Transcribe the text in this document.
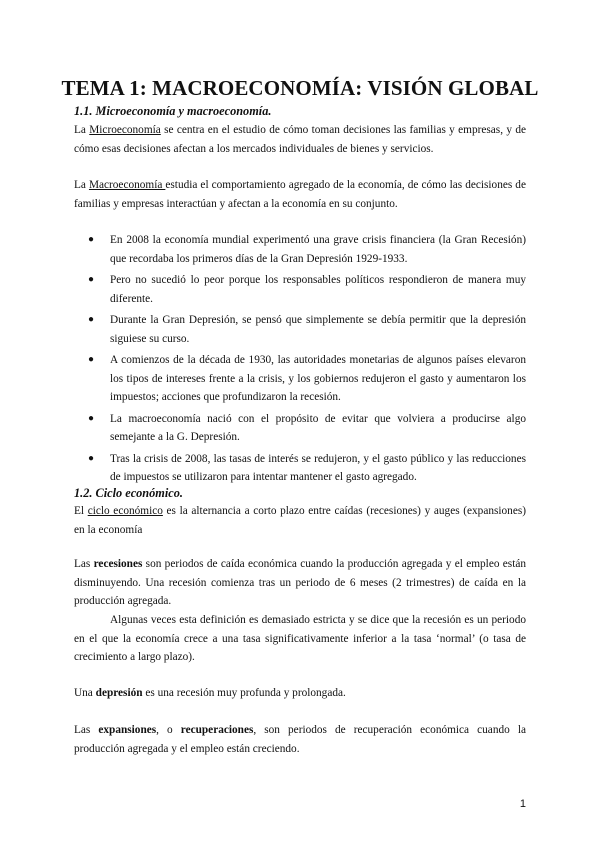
TEMA 1: MACROECONOMÍA: VISIÓN GLOBAL
1.1. Microeconomía y macroeconomía.
La Microeconomía se centra en el estudio de cómo toman decisiones las familias y empresas, y de cómo esas decisiones afectan a los mercados individuales de bienes y servicios.
La Macroeconomía estudia el comportamiento agregado de la economía, de cómo las decisiones de familias y empresas interactúan y afectan a la economía en su conjunto.
● En 2008 la economía mundial experimentó una grave crisis financiera (la Gran Recesión) que recordaba los primeros días de la Gran Depresión 1929-1933.
● Pero no sucedió lo peor porque los responsables políticos respondieron de manera muy diferente.
● Durante la Gran Depresión, se pensó que simplemente se debía permitir que la depresión siguiese su curso.
● A comienzos de la década de 1930, las autoridades monetarias de algunos países elevaron los tipos de intereses frente a la crisis, y los gobiernos redujeron el gasto y aumentaron los impuestos; acciones que profundizaron la recesión.
● La macroeconomía nació con el propósito de evitar que volviera a producirse algo semejante a la G. Depresión.
● Tras la crisis de 2008, las tasas de interés se redujeron, y el gasto público y las reducciones de impuestos se utilizaron para intentar mantener el gasto agregado.
1.2. Ciclo económico.
El ciclo económico es la alternancia a corto plazo entre caídas (recesiones) y auges (expansiones) en la economía
Las recesiones son periodos de caída económica cuando la producción agregada y el empleo están disminuyendo. Una recesión comienza tras un periodo de 6 meses (2 trimestres) de caída en la producción agregada.
Algunas veces esta definición es demasiado estricta y se dice que la recesión es un periodo en el que la economía crece a una tasa significativamente inferior a la tasa ‘normal’ (o tasa de crecimiento a largo plazo).
Una depresión es una recesión muy profunda y prolongada.
Las expansiones, o recuperaciones, son periodos de recuperación económica cuando la producción agregada y el empleo están creciendo.
1
